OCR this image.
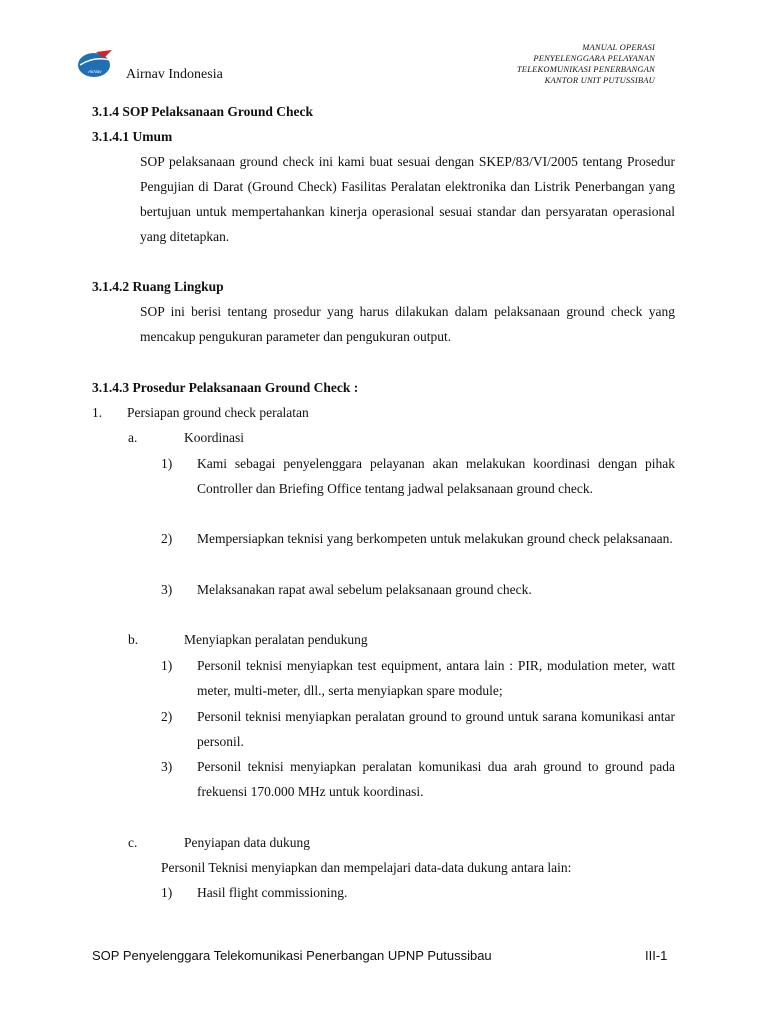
AirNav Airnav Indonesia
MANUAL OPERASI
PENYELENGGARA PELAYANAN
TELEKOMUNIKASI PENERBANGAN
KANTOR UNIT PUTUSSIBAU
3.1.4 SOP Pelaksanaan Ground Check
3.1.4.1 Umum
SOP pelaksanaan ground check ini kami buat sesuai dengan SKEP/83/VI/2005 tentang Prosedur Pengujian di Darat (Ground Check) Fasilitas Peralatan elektronika dan Listrik Penerbangan yang bertujuan untuk mempertahankan kinerja operasional sesuai standar dan persyaratan operasional yang ditetapkan.
3.1.4.2 Ruang Lingkup
SOP ini berisi tentang prosedur yang harus dilakukan dalam pelaksanaan ground check yang mencakup pengukuran parameter dan pengukuran output.
3.1.4.3 Prosedur Pelaksanaan Ground Check :
1. Persiapan ground check peralatan
a.	Koordinasi
1) Kami sebagai penyelenggara pelayanan akan melakukan koordinasi dengan pihak Controller dan Briefing Office tentang jadwal pelaksanaan ground check.
2) Mempersiapkan teknisi yang berkompeten untuk melakukan ground check pelaksanaan.
3) Melaksanakan rapat awal sebelum pelaksanaan ground check.
b.	Menyiapkan peralatan pendukung
1) Personil teknisi menyiapkan test equipment, antara lain : PIR, modulation meter, watt meter, multi-meter, dll., serta menyiapkan spare module;
2) Personil teknisi menyiapkan peralatan ground to ground untuk sarana komunikasi antar personil.
3) Personil teknisi menyiapkan peralatan komunikasi dua arah ground to ground pada frekuensi 170.000 MHz untuk koordinasi.
c.	Penyiapan data dukung
Personil Teknisi menyiapkan dan mempelajari data-data dukung antara lain:
1) Hasil flight commissioning.
SOP Penyelenggara Telekomunikasi Penerbangan UPNP Putussibau	III-1
